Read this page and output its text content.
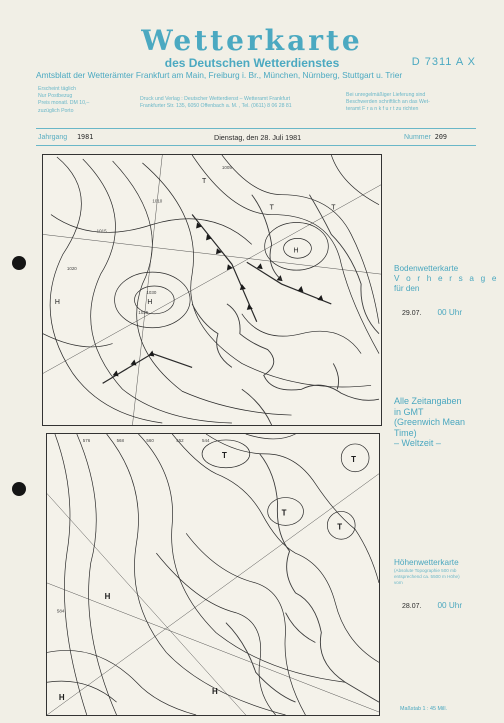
Wetterkarte
des Deutschen Wetterdienstes	D 7311 A X
Amtsblatt der Wetterämter Frankfurt am Main, Freiburg i. Br., München, Nürnberg, Stuttgart u. Trier
Erscheint täglich
Nur Postbezug
Preis monatl. DM 10,–
zuzüglich Porto
Druck und Verlag : Deutscher Wetterdienst – Wetteramt Frankfurt
Frankfurter Str. 135, 6050 Offenbach a. M. , Tel. (0611) 8 06 28 81
Bei unregelmäßiger Lieferung sind
Beschwerden schriftlich an das Wet-
teramt F r a n k f u r t zu richten
Jahrgang 1981	Dienstag, den 28. Juli 1981	Nummer 209
H
H
T	T
H
T
1020
1015
1010
1005
1025
1030
Bodenwetterkarte
V o r h e r s a g e
für den
29.07. 00 Uhr
Alle Zeitangaben
in GMT
(Greenwich Mean
Time)
– Weltzeit –
H
T
T
T
T
H
H
576	560
568	552	544
584
Höhenwetterkarte
(Absolute Topographie 500 mb
entsprechend ca. 5500 m Höhe)
vom
28.07. 00 Uhr
Maßstab 1 : 45 Mill.
